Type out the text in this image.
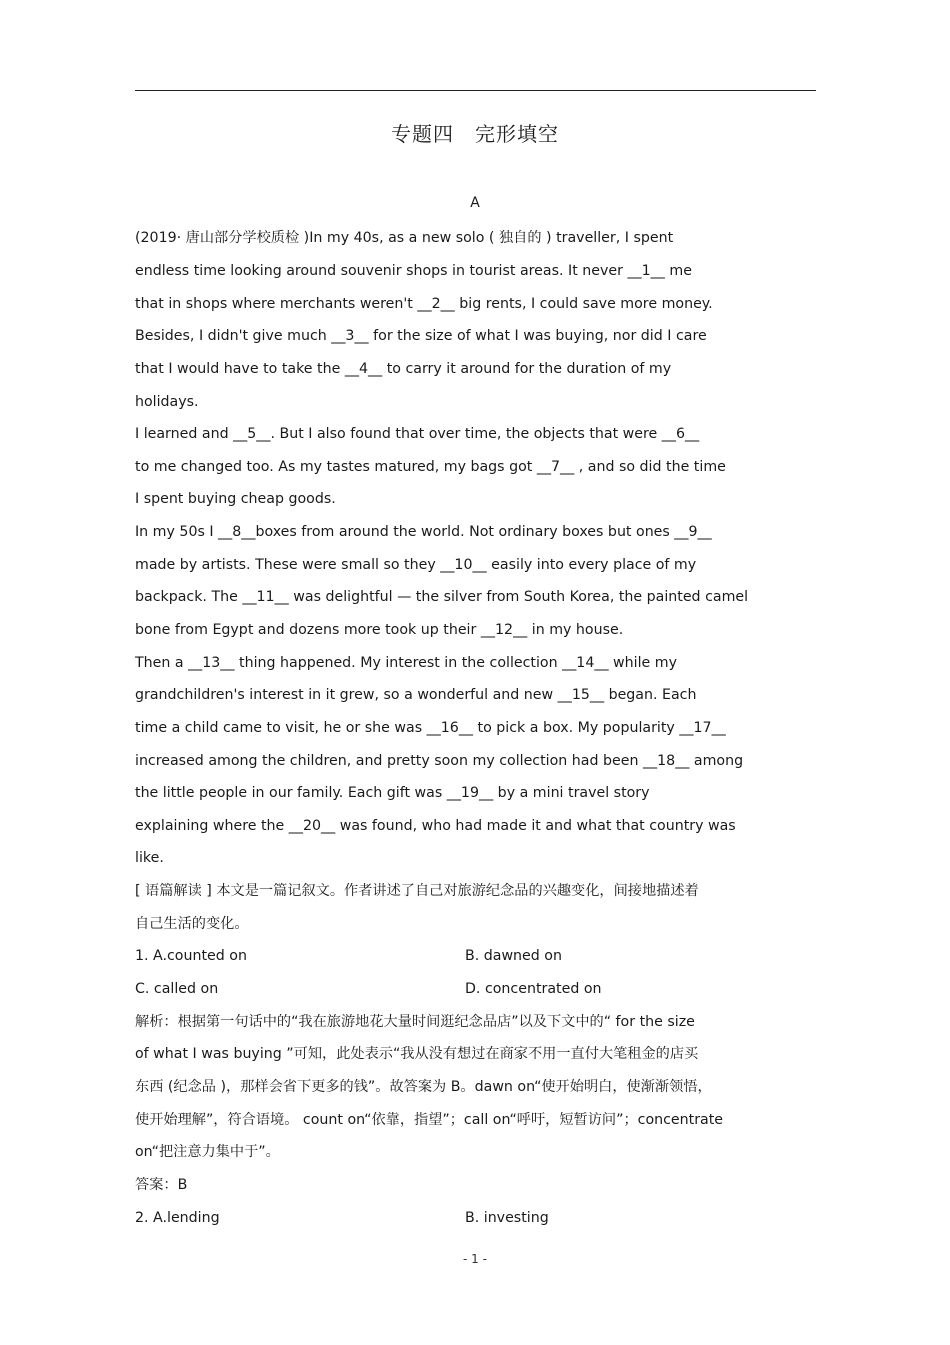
专题四　完形填空
A
(2019· 唐山部分学校质检 )In my 40s, as a new solo ( 独自的 ) traveller, I spent
endless time looking around souvenir shops in tourist areas. It never __1__ me
that in shops where merchants weren't __2__ big rents, I could save more money.
Besides, I didn't give much __3__ for the size of what I was buying, nor did I care
that I would have to take the __4__ to carry it around for the duration of my
holidays.
I learned and __5__. But I also found that over time, the objects that were __6__
to me changed too. As my tastes matured, my bags got __7__ , and so did the time
I spent buying cheap goods.
In my 50s I __8__boxes from around the world. Not ordinary boxes but ones __9__
made by artists. These were small so they __10__ easily into every place of my
backpack. The __11__ was delightful — the silver from South Korea, the painted camel
bone from Egypt and dozens more took up their __12__ in my house.
Then a __13__ thing happened. My interest in the collection __14__ while my
grandchildren's interest in it grew, so a wonderful and new __15__ began. Each
time a child came to visit, he or she was __16__ to pick a box. My popularity __17__
increased among the children, and pretty soon my collection had been __18__ among
the little people in our family. Each gift was __19__ by a mini travel story
explaining where the __20__ was found, who had made it and what that country was
like.
[ 语篇解读 ] 本文是一篇记叙文。作者讲述了自己对旅游纪念品的兴趣变化，间接地描述着
自己生活的变化。
1. A.counted on	B. dawned on
C. called on	D. concentrated on
解析：根据第一句话中的“我在旅游地花大量时间逛纪念品店”以及下文中的“ for the size
of what I was buying ”可知，此处表示“我从没有想过在商家不用一直付大笔租金的店买
东西 (纪念品 )，那样会省下更多的钱”。故答案为 B。dawn on“使开始明白，使渐渐领悟，
使开始理解”，符合语境。 count on“依靠，指望”；call on“呼吁，短暂访问”；concentrate
on“把注意力集中于”。
答案：B
2. A.lending	B. investing
- 1 -
